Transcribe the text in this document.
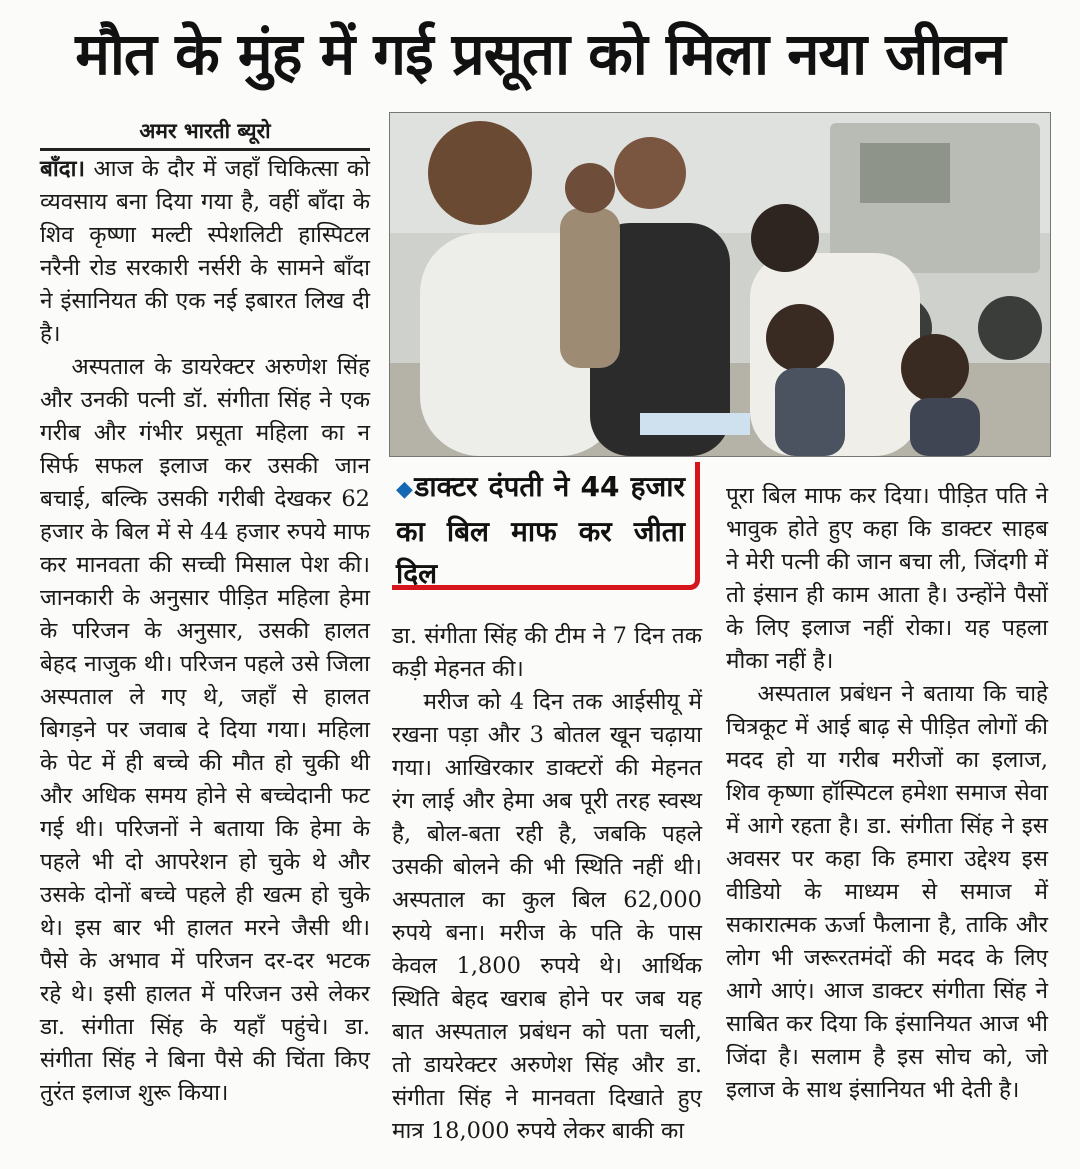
मौत के मुंह में गई प्रसूता को मिला नया जीवन
अमर भारती ब्यूरो

बाँदा। आज के दौर में जहाँ चिकित्सा को व्यवसाय बना दिया गया है, वहीं बाँदा के शिव कृष्णा मल्टी स्पेशलिटी हास्पिटल नरैनी रोड सरकारी नर्सरी के सामने बाँदा ने इंसानियत की एक नई इबारत लिख दी है।

अस्पताल के डायरेक्टर अरुणेश सिंह और उनकी पत्नी डॉ. संगीता सिंह ने एक गरीब और गंभीर प्रसूता महिला का न सिर्फ सफल इलाज कर उसकी जान बचाई, बल्कि उसकी गरीबी देखकर 62 हजार के बिल में से 44 हजार रुपये माफ कर मानवता की सच्ची मिसाल पेश की। जानकारी के अनुसार पीड़ित महिला हेमा के परिजन के अनुसार, उसकी हालत बेहद नाजुक थी। परिजन पहले उसे जिला अस्पताल ले गए थे, जहाँ से हालत बिगड़ने पर जवाब दे दिया गया। महिला के पेट में ही बच्चे की मौत हो चुकी थी और अधिक समय होने से बच्चेदानी फट गई थी। परिजनों ने बताया कि हेमा के पहले भी दो आपरेशन हो चुके थे और उसके दोनों बच्चे पहले ही खत्म हो चुके थे। इस बार भी हालत मरने जैसी थी। पैसे के अभाव में परिजन दर-दर भटक रहे थे। इसी हालत में परिजन उसे लेकर डा. संगीता सिंह के यहाँ पहुंचे। डा. संगीता सिंह ने बिना पैसे की चिंता किए तुरंत इलाज शुरू किया।

◆डाक्टर दंपती ने 44 हजार का बिल माफ कर जीता दिल

डा. संगीता सिंह की टीम ने 7 दिन तक कड़ी मेहनत की।

मरीज को 4 दिन तक आईसीयू में रखना पड़ा और 3 बोतल खून चढ़ाया गया। आखिरकार डाक्टरों की मेहनत रंग लाई और हेमा अब पूरी तरह स्वस्थ है, बोल-बता रही है, जबकि पहले उसकी बोलने की भी स्थिति नहीं थी। अस्पताल का कुल बिल 62,000 रुपये बना। मरीज के पति के पास केवल 1,800 रुपये थे। आर्थिक स्थिति बेहद खराब होने पर जब यह बात अस्पताल प्रबंधन को पता चली, तो डायरेक्टर अरुणेश सिंह और डा. संगीता सिंह ने मानवता दिखाते हुए मात्र 18,000 रुपये लेकर बाकी का

पूरा बिल माफ कर दिया। पीड़ित पति ने भावुक होते हुए कहा कि डाक्टर साहब ने मेरी पत्नी की जान बचा ली, जिंदगी में तो इंसान ही काम आता है। उन्होंने पैसों के लिए इलाज नहीं रोका। यह पहला मौका नहीं है।

अस्पताल प्रबंधन ने बताया कि चाहे चित्रकूट में आई बाढ़ से पीड़ित लोगों की मदद हो या गरीब मरीजों का इलाज, शिव कृष्णा हॉस्पिटल हमेशा समाज सेवा में आगे रहता है। डा. संगीता सिंह ने इस अवसर पर कहा कि हमारा उद्देश्य इस वीडियो के माध्यम से समाज में सकारात्मक ऊर्जा फैलाना है, ताकि और लोग भी जरूरतमंदों की मदद के लिए आगे आएं। आज डाक्टर संगीता सिंह ने साबित कर दिया कि इंसानियत आज भी जिंदा है। सलाम है इस सोच को, जो इलाज के साथ इंसानियत भी देती है।
